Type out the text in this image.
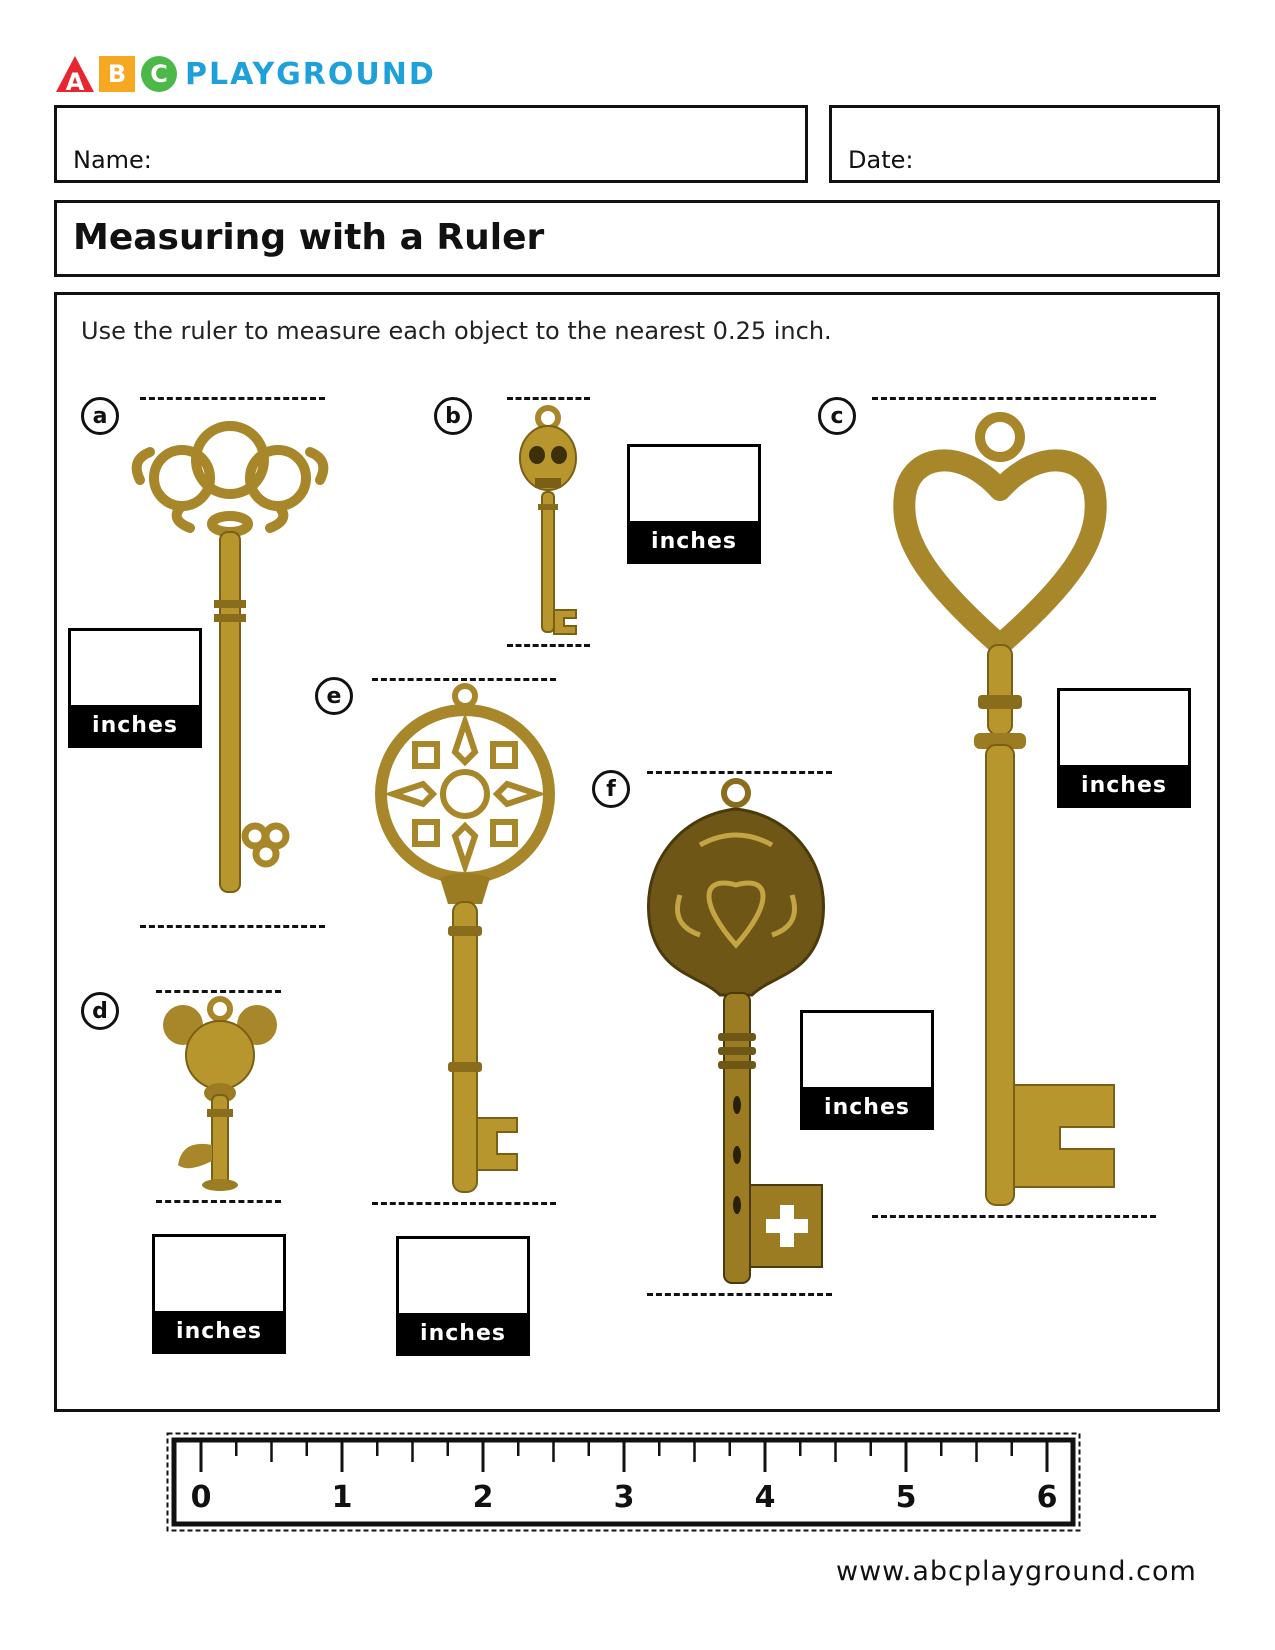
A B	C PLAYGROUND
Name:	Date:
Measuring with a Ruler
Use the ruler to measure each object to the nearest 0.25 inch.
a
inches
b
inches
c
inches
d
inches
e
inches
f
inches
0	1	2	3	4	5	6
www.abcplayground.com
